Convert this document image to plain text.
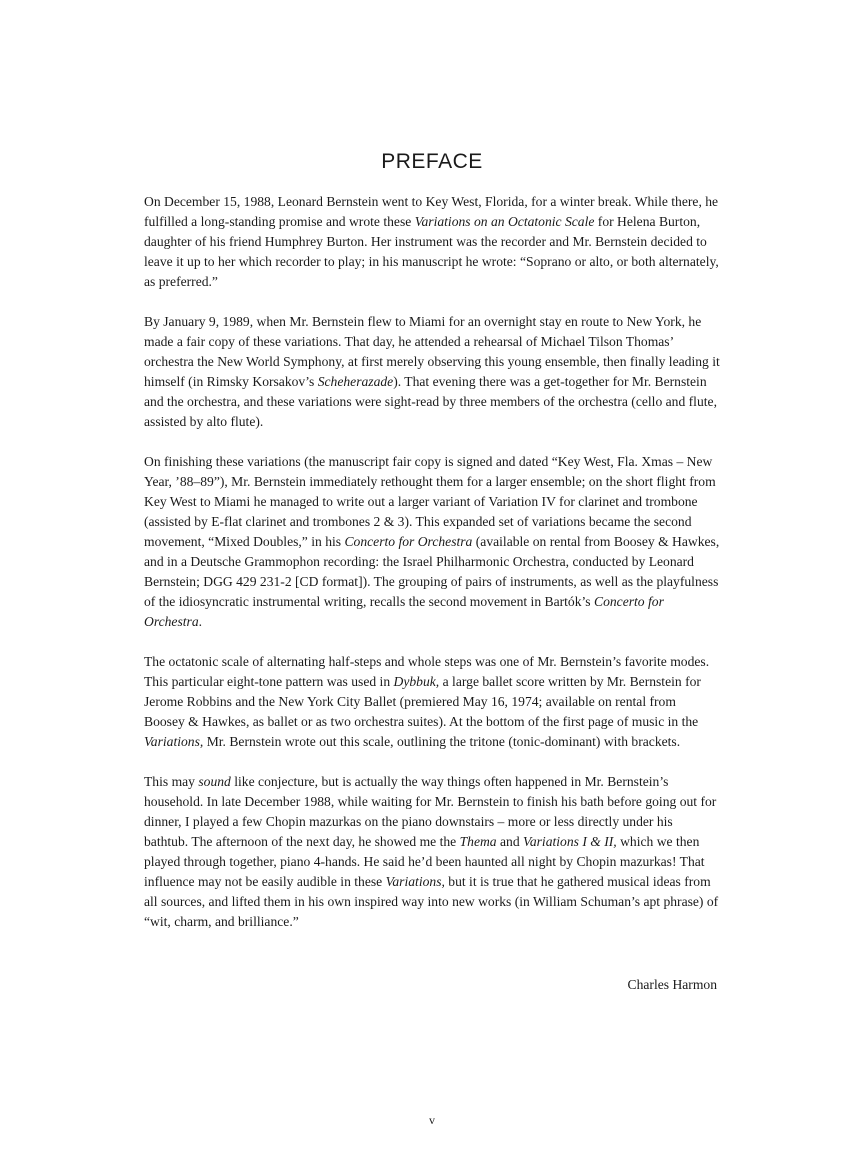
PREFACE

On December 15, 1988, Leonard Bernstein went to Key West, Florida, for a winter break. While there, he fulfilled a long-standing promise and wrote these Variations on an Octatonic Scale for Helena Burton, daughter of his friend Humphrey Burton. Her instrument was the recorder and Mr. Bernstein decided to leave it up to her which recorder to play; in his manuscript he wrote: “Soprano or alto, or both alternately, as preferred.”

By January 9, 1989, when Mr. Bernstein flew to Miami for an overnight stay en route to New York, he made a fair copy of these variations. That day, he attended a rehearsal of Michael Tilson Thomas’ orchestra the New World Symphony, at first merely observing this young ensemble, then finally leading it himself (in Rimsky Korsakov’s Scheherazade). That evening there was a get-together for Mr. Bernstein and the orchestra, and these variations were sight-read by three members of the orchestra (cello and flute, assisted by alto flute).

On finishing these variations (the manuscript fair copy is signed and dated “Key West, Fla. Xmas – New Year, ’88–89”), Mr. Bernstein immediately rethought them for a larger ensemble; on the short flight from Key West to Miami he managed to write out a larger variant of Variation IV for clarinet and trombone (assisted by E-flat clarinet and trombones 2 & 3). This expanded set of variations became the second movement, “Mixed Doubles,” in his Concerto for Orchestra (available on rental from Boosey & Hawkes, and in a Deutsche Grammophon recording: the Israel Philharmonic Orchestra, conducted by Leonard Bernstein; DGG 429 231-2 [CD format]). The grouping of pairs of instruments, as well as the playfulness of the idiosyncratic instrumental writing, recalls the second movement in Bartók’s Concerto for Orchestra.

The octatonic scale of alternating half-steps and whole steps was one of Mr. Bernstein’s favorite modes. This particular eight-tone pattern was used in Dybbuk, a large ballet score written by Mr. Bernstein for Jerome Robbins and the New York City Ballet (premiered May 16, 1974; available on rental from Boosey & Hawkes, as ballet or as two orchestra suites). At the bottom of the first page of music in the Variations, Mr. Bernstein wrote out this scale, outlining the tritone (tonic-dominant) with brackets.

This may sound like conjecture, but is actually the way things often happened in Mr. Bernstein’s household. In late December 1988, while waiting for Mr. Bernstein to finish his bath before going out for dinner, I played a few Chopin mazurkas on the piano downstairs – more or less directly under his bathtub. The afternoon of the next day, he showed me the Thema and Variations I & II, which we then played through together, piano 4-hands. He said he’d been haunted all night by Chopin mazurkas! That influence may not be easily audible in these Variations, but it is true that he gathered musical ideas from all sources, and lifted them in his own inspired way into new works (in William Schuman’s apt phrase) of “wit, charm, and brilliance.”

Charles Harmon
v
